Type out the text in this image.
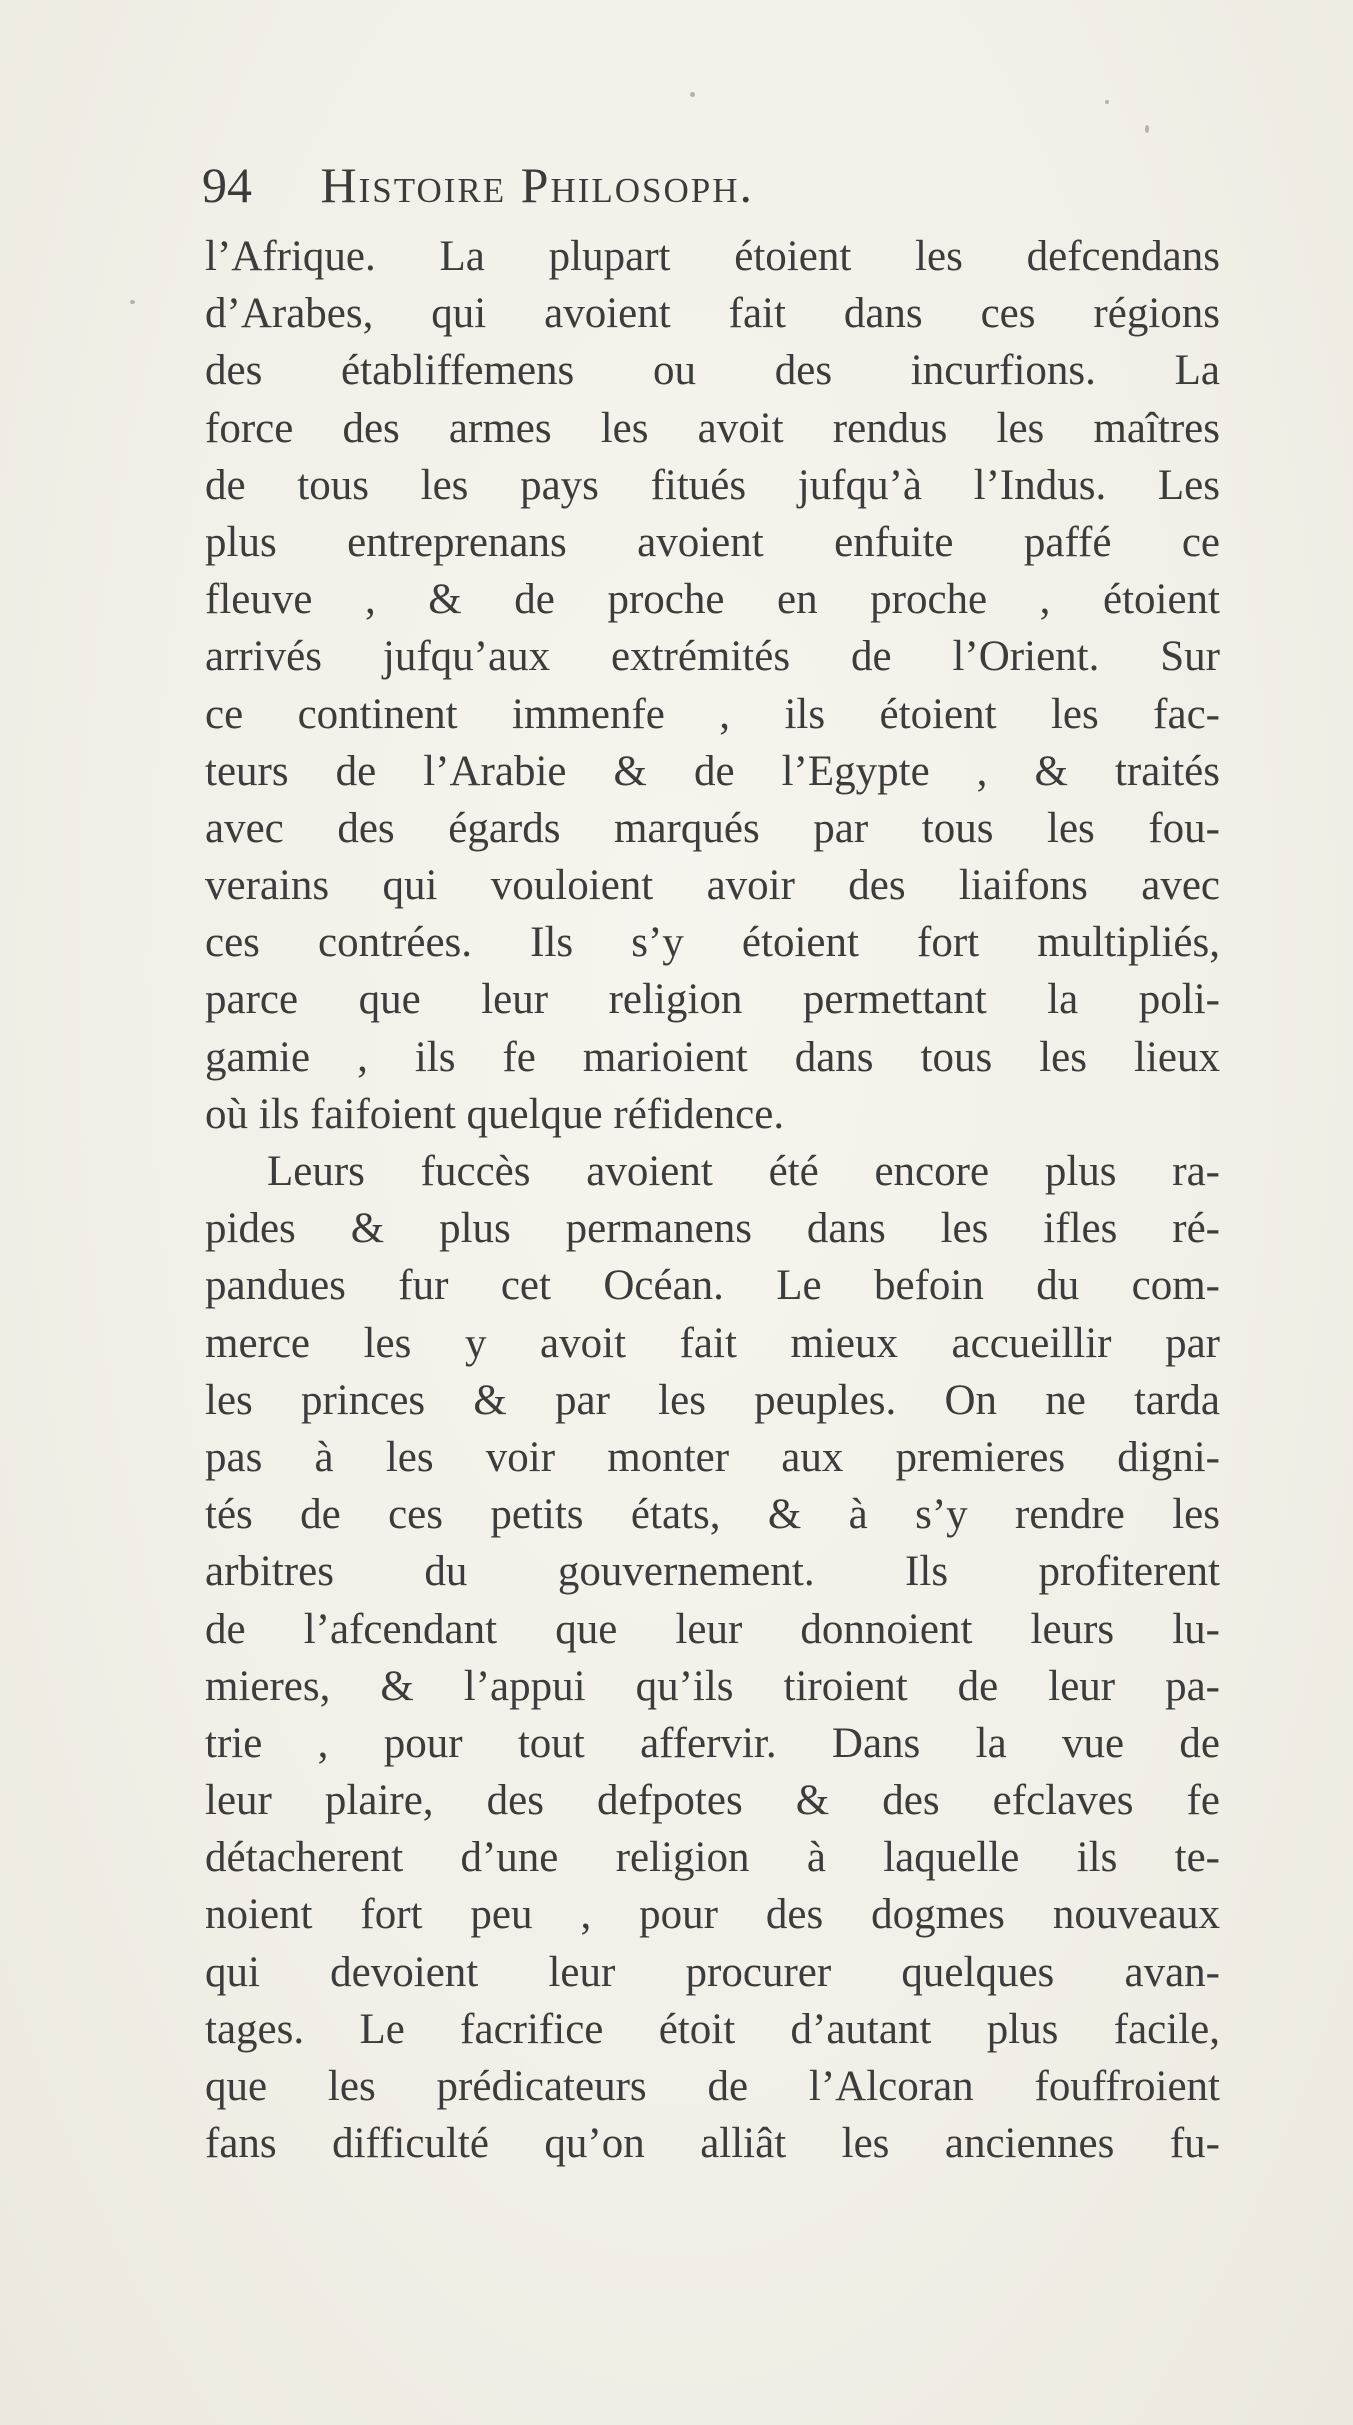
94 Histoire Philosoph.
l’Afrique. La plupart étoient les defcendans
d’Arabes, qui avoient fait dans ces régions
des établiffemens ou des incurfions. La
force des armes les avoit rendus les maîtres
de tous les pays fitués jufqu’à l’Indus. Les
plus entreprenans avoient enfuite paffé ce
fleuve , & de proche en proche , étoient
arrivés jufqu’aux extrémités de l’Orient. Sur
ce continent immenfe , ils étoient les fac-
teurs de l’Arabie & de l’Egypte , & traités
avec des égards marqués par tous les fou-
verains qui vouloient avoir des liaifons avec
ces contrées. Ils s’y étoient fort multipliés,
parce que leur religion permettant la poli-
gamie , ils fe marioient dans tous les lieux
où ils faifoient quelque réfidence.
Leurs fuccès avoient été encore plus ra-
pides & plus permanens dans les ifles ré-
pandues fur cet Océan. Le befoin du com-
merce les y avoit fait mieux accueillir par
les princes & par les peuples. On ne tarda
pas à les voir monter aux premieres digni-
tés de ces petits états, & à s’y rendre les
arbitres du gouvernement. Ils profiterent
de l’afcendant que leur donnoient leurs lu-
mieres, & l’appui qu’ils tiroient de leur pa-
trie , pour tout affervir. Dans la vue de
leur plaire, des defpotes & des efclaves fe
détacherent d’une religion à laquelle ils te-
noient fort peu , pour des dogmes nouveaux
qui devoient leur procurer quelques avan-
tages. Le facrifice étoit d’autant plus facile,
que les prédicateurs de l’Alcoran fouffroient
fans difficulté qu’on alliât les anciennes fu-
